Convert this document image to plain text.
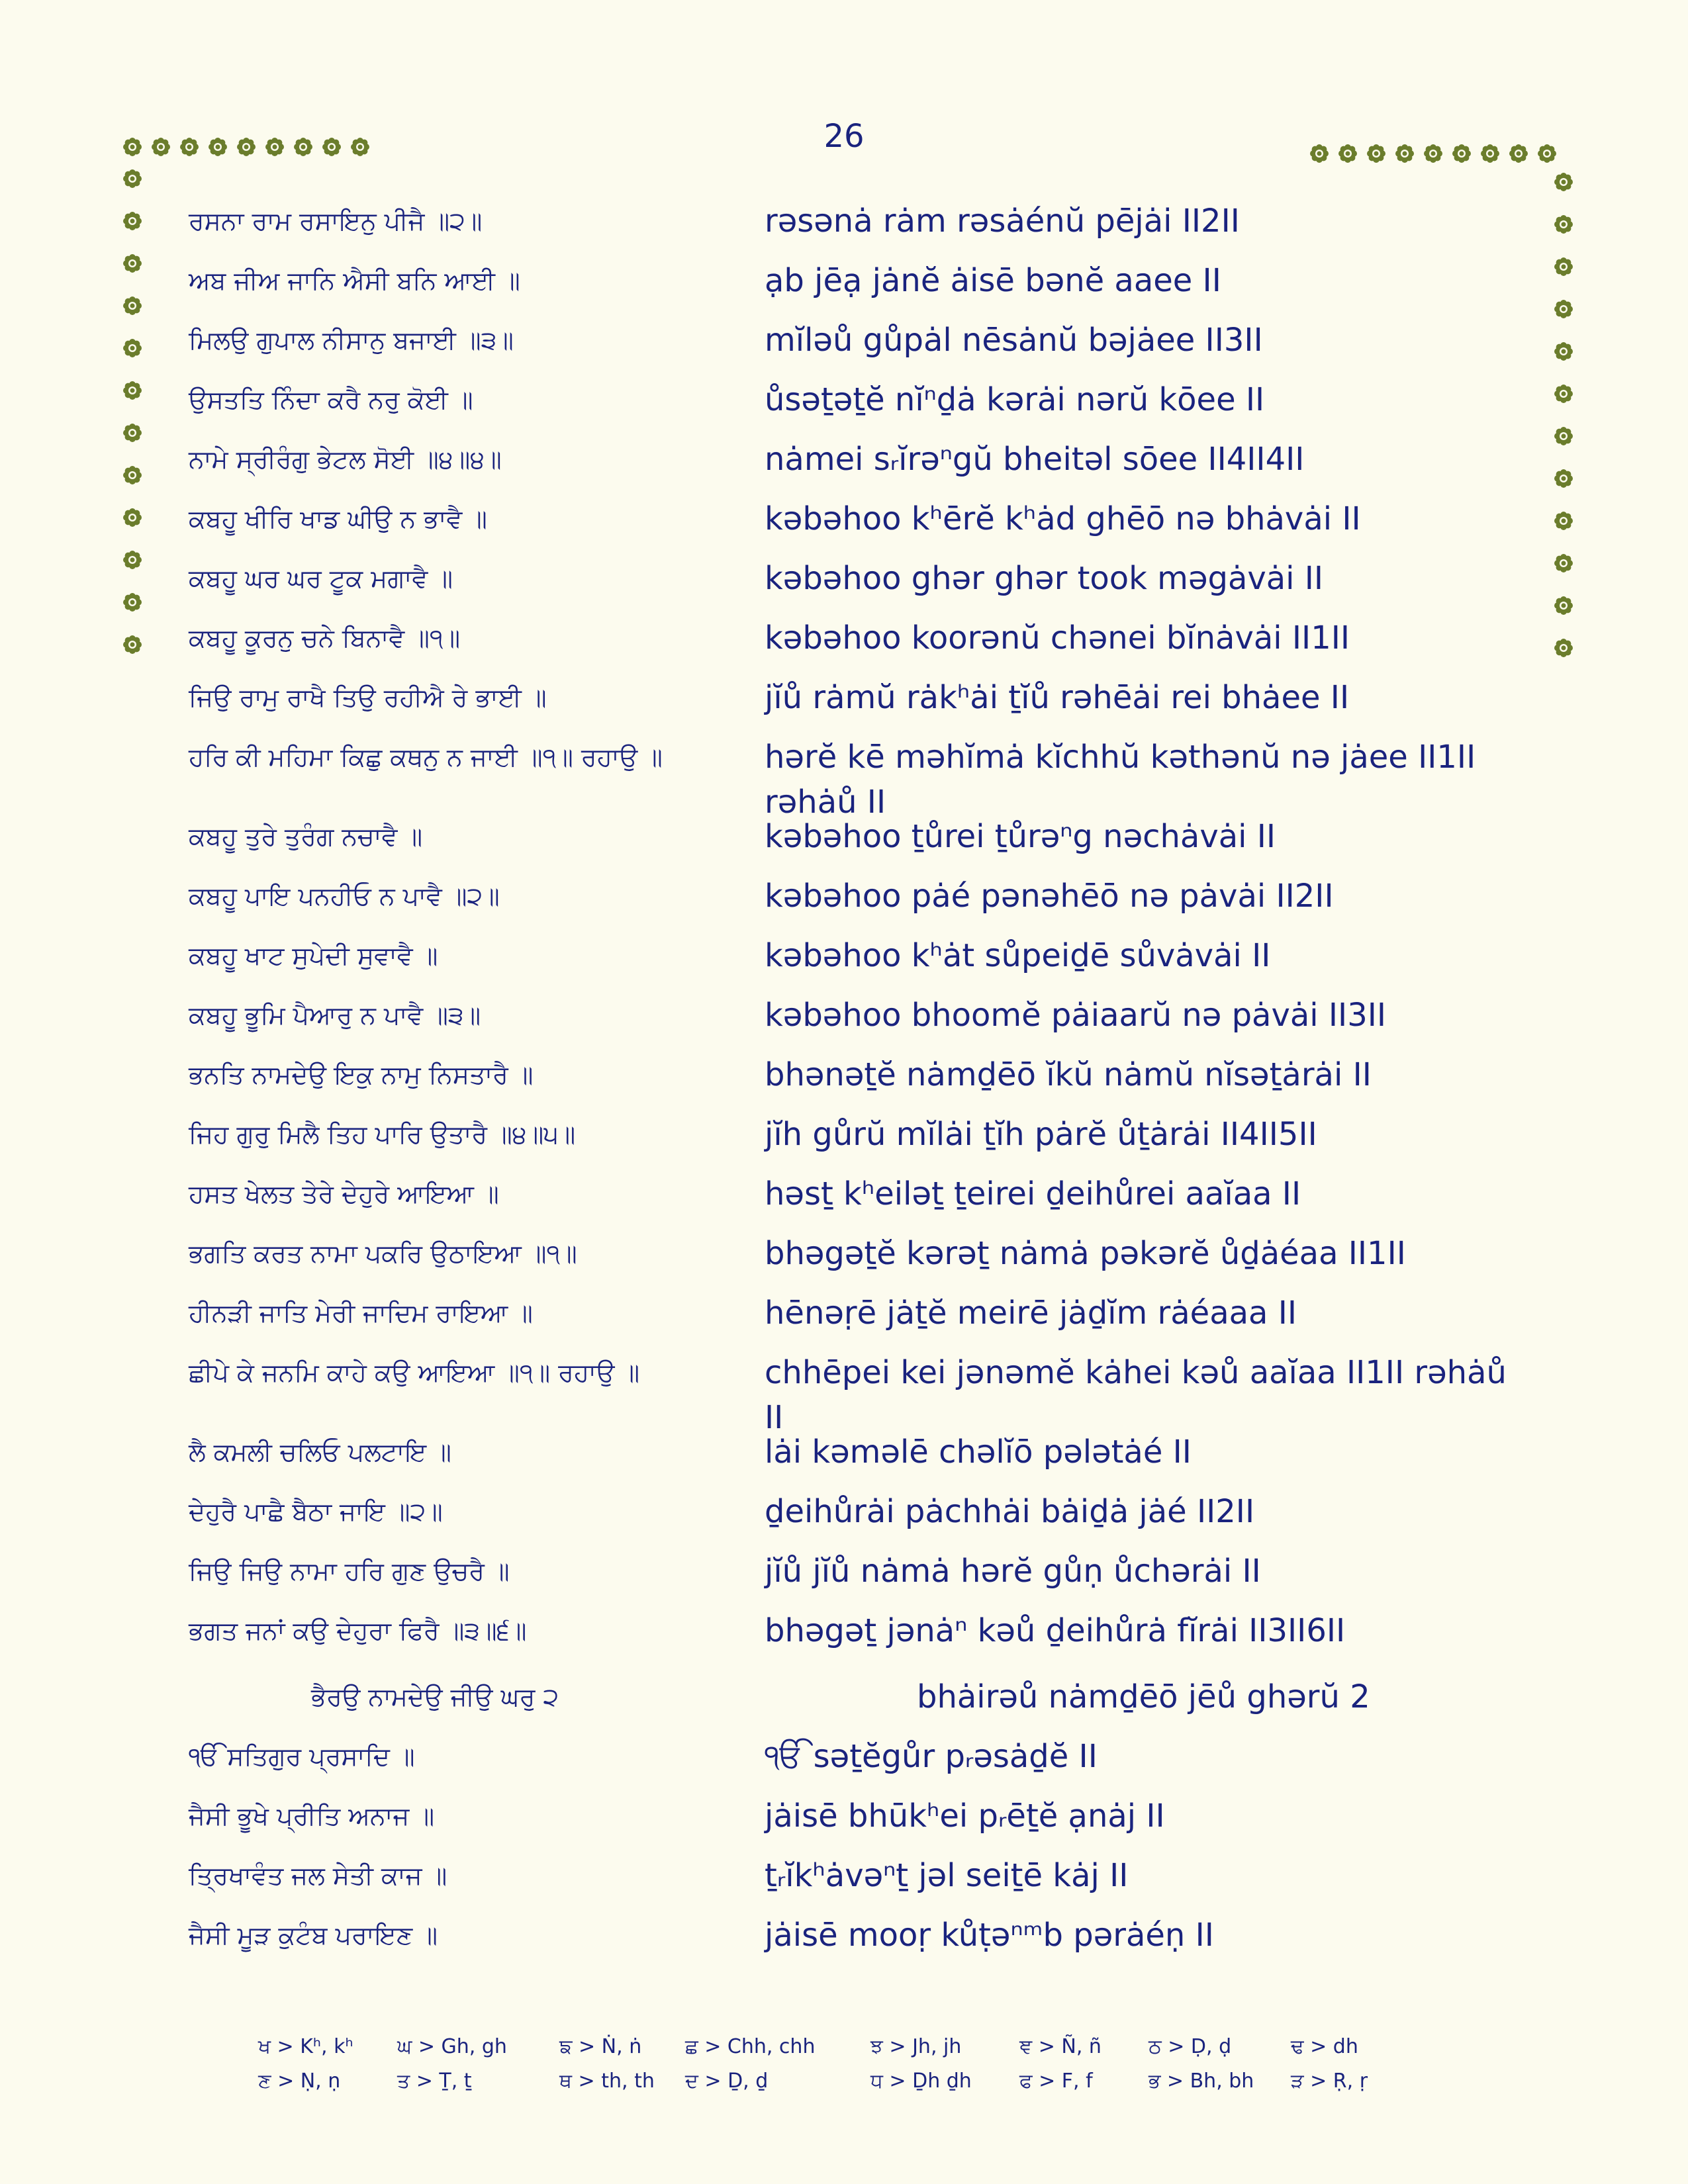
26
ਰਸਨਾ ਰਾਮ ਰਸਾਇਨੁ ਪੀਜੈ ॥੨॥	rəsənȧ rȧm rəsȧénŭ pējȧi II2II
ਅਬ ਜੀਅ ਜਾਨਿ ਐਸੀ ਬਨਿ ਆਈ ॥	ạb jēạ jȧnĕ ȧisē bənĕ aaee II
ਮਿਲਉ ਗੁਪਾਲ ਨੀਸਾਨੁ ਬਜਾਈ ॥੩॥	mĭləů gůpȧl nēsȧnŭ bəjȧee II3II
ਉਸਤਤਿ ਨਿੰਦਾ ਕਰੈ ਨਰੁ ਕੋਈ ॥	ůsəṯəṯĕ nĭⁿḏȧ kərȧi nərŭ kōee II
ਨਾਮੇ ਸ੍ਰੀਰੰਗੁ ਭੇਟਲ ਸੋਈ ॥੪॥੪॥	nȧmei sᵣĭrəⁿgŭ bheitəl sōee II4II4II
ਕਬਹੂ ਖੀਰਿ ਖਾਡ ਘੀਉ ਨ ਭਾਵੈ ॥	kəbəhoo kʰērĕ kʰȧd ghēō nə bhȧvȧi II
ਕਬਹੂ ਘਰ ਘਰ ਟੂਕ ਮਗਾਵੈ ॥	kəbəhoo ghər ghər took məgȧvȧi II
ਕਬਹੂ ਕੂਰਨੁ ਚਨੇ ਬਿਨਾਵੈ ॥੧॥	kəbəhoo koorənŭ chənei bĭnȧvȧi II1II
ਜਿਉ ਰਾਮੁ ਰਾਖੈ ਤਿਉ ਰਹੀਐ ਰੇ ਭਾਈ ॥	jĭů rȧmŭ rȧkʰȧi ṯĭů rəhēȧi rei bhȧee II
ਹਰਿ ਕੀ ਮਹਿਮਾ ਕਿਛੁ ਕਥਨੁ ਨ ਜਾਈ ॥੧॥ ਰਹਾਉ ॥	hərĕ kē məhĭmȧ kĭchhŭ kəthənŭ nə jȧee II1II rəhȧů II
ਕਬਹੂ ਤੁਰੇ ਤੁਰੰਗ ਨਚਾਵੈ ॥	kəbəhoo ṯůrei ṯůrəⁿg nəchȧvȧi II
ਕਬਹੂ ਪਾਇ ਪਨਹੀਓ ਨ ਪਾਵੈ ॥੨॥	kəbəhoo pȧé pənəhēō nə pȧvȧi II2II
ਕਬਹੂ ਖਾਟ ਸੁਪੇਦੀ ਸੁਵਾਵੈ ॥	kəbəhoo kʰȧt sůpeiḏē sůvȧvȧi II
ਕਬਹੂ ਭੂਮਿ ਪੈਆਰੁ ਨ ਪਾਵੈ ॥੩॥	kəbəhoo bhoomĕ pȧiaarŭ nə pȧvȧi II3II
ਭਨਤਿ ਨਾਮਦੇਉ ਇਕੁ ਨਾਮੁ ਨਿਸਤਾਰੈ ॥	bhənəṯĕ nȧmḏēō ĭkŭ nȧmŭ nĭsəṯȧrȧi II
ਜਿਹ ਗੁਰੁ ਮਿਲੈ ਤਿਹ ਪਾਰਿ ਉਤਾਰੈ ॥੪॥੫॥	jĭh gůrŭ mĭlȧi ṯĭh pȧrĕ ůṯȧrȧi II4II5II
ਹਸਤ ਖੇਲਤ ਤੇਰੇ ਦੇਹੁਰੇ ਆਇਆ ॥	həsṯ kʰeiləṯ ṯeirei ḏeihůrei aaĭaa II
ਭਗਤਿ ਕਰਤ ਨਾਮਾ ਪਕਰਿ ਉਠਾਇਆ ॥੧॥	bhəgəṯĕ kərəṯ nȧmȧ pəkərĕ ůḏȧéaa II1II
ਹੀਨੜੀ ਜਾਤਿ ਮੇਰੀ ਜਾਦਿਮ ਰਾਇਆ ॥	hēnəṛē jȧṯĕ meirē jȧḏĭm rȧéaaa II
ਛੀਪੇ ਕੇ ਜਨਮਿ ਕਾਹੇ ਕਉ ਆਇਆ ॥੧॥ ਰਹਾਉ ॥	chhēpei kei jənəmĕ kȧhei kəů aaĭaa II1II rəhȧů II
ਲੈ ਕਮਲੀ ਚਲਿਓ ਪਲਟਾਇ ॥	lȧi kəməlē chəlĭō pələtȧé II
ਦੇਹੁਰੈ ਪਾਛੈ ਬੈਠਾ ਜਾਇ ॥੨॥	ḏeihůrȧi pȧchhȧi bȧiḏȧ jȧé II2II
ਜਿਉ ਜਿਉ ਨਾਮਾ ਹਰਿ ਗੁਣ ਉਚਰੈ ॥	jĭů jĭů nȧmȧ hərĕ gůṇ ůchərȧi II
ਭਗਤ ਜਨਾਂ ਕਉ ਦੇਹੁਰਾ ਫਿਰੈ ॥੩॥੬॥	bhəgəṯ jənȧⁿ kəů ḏeihůrȧ fĭrȧi II3II6II
ਭੈਰਉ ਨਾਮਦੇਉ ਜੀਉ ਘਰੁ ੨	bhȧirəů nȧmḏēō jēů ghərŭ 2
ੴ ਸਤਿਗੁਰ ਪ੍ਰਸਾਦਿ ॥	ੴ səṯĕgůr pᵣəsȧḏĕ II
ਜੈਸੀ ਭੂਖੇ ਪ੍ਰੀਤਿ ਅਨਾਜ ॥	jȧisē bhūkʰei pᵣēṯĕ ạnȧj II
ਤ੍ਰਿਖਾਵੰਤ ਜਲ ਸੇਤੀ ਕਾਜ ॥	ṯᵣĭkʰȧvəⁿṯ jəl seiṯē kȧj II
ਜੈਸੀ ਮੂੜ ਕੁਟੰਬ ਪਰਾਇਣ ॥	jȧisē mooṛ kůṭəⁿᵐb pərȧéṇ II
ਖ > Kʰ, kʰ ਘ > Gh, gh	ਙ > Ṅ, ṅ ਛ > Chh, chh	ਝ > Jh, jh	ਞ > Ñ, ñ ਠ > Ḍ, ḍ	ਢ > dh
ਣ > Ṇ, ṇ	ਤ > Ṯ, ṯ	ਥ > th, th ਦ > Ḏ, ḏ	ਧ > Ḏh ḏh ਫ > F, f	ਭ > Bh, bh ੜ > Ṛ, ṛ
